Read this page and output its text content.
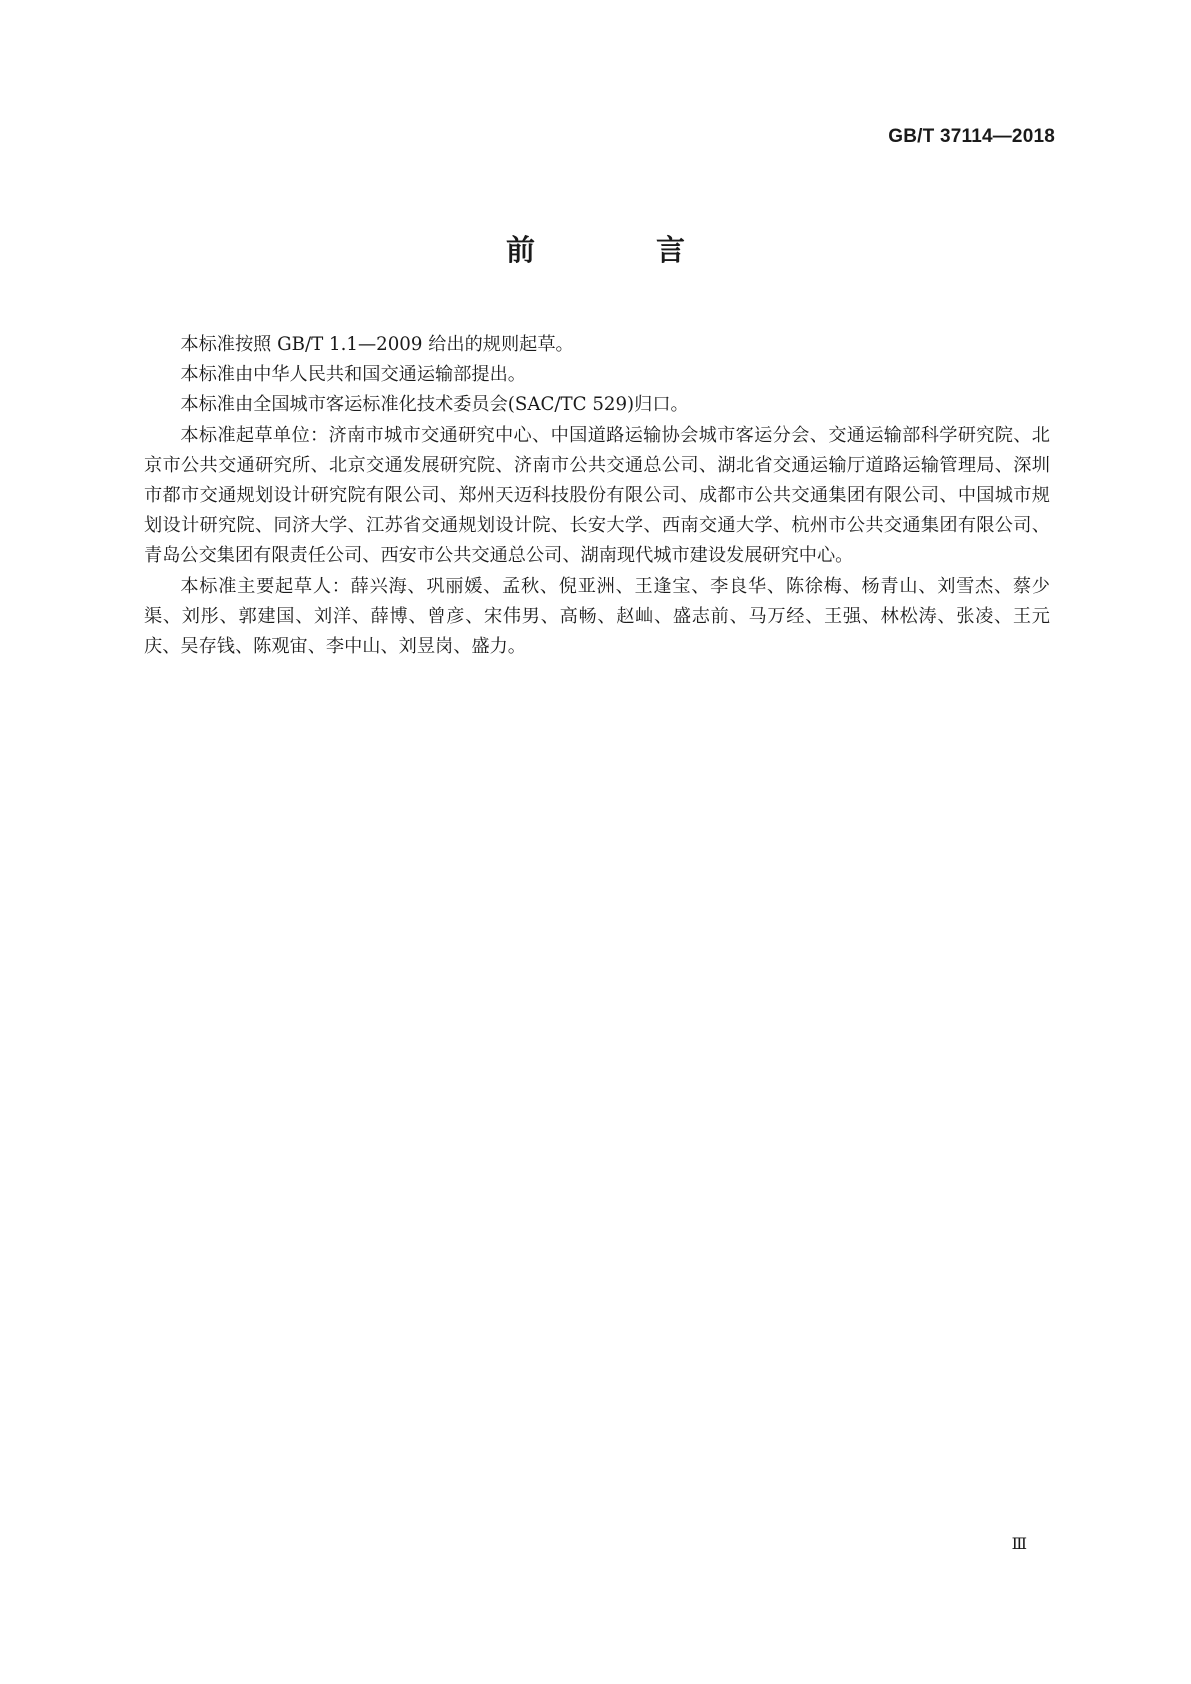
GB/T 37114—2018
前　言

本标准按照 GB/T 1.1—2009 给出的规则起草。

本标准由中华人民共和国交通运输部提出。

本标准由全国城市客运标准化技术委员会(SAC/TC 529)归口。

本标准起草单位：济南市城市交通研究中心、中国道路运输协会城市客运分会、交通运输部科学研究院、北京市公共交通研究所、北京交通发展研究院、济南市公共交通总公司、湖北省交通运输厅道路运输管理局、深圳市都市交通规划设计研究院有限公司、郑州天迈科技股份有限公司、成都市公共交通集团有限公司、中国城市规划设计研究院、同济大学、江苏省交通规划设计院、长安大学、西南交通大学、杭州市公共交通集团有限公司、青岛公交集团有限责任公司、西安市公共交通总公司、湖南现代城市建设发展研究中心。

本标准主要起草人：薛兴海、巩丽媛、孟秋、倪亚洲、王逢宝、李良华、陈徐梅、杨青山、刘雪杰、蔡少渠、刘彤、郭建国、刘洋、薛博、曾彦、宋伟男、高畅、赵屾、盛志前、马万经、王强、林松涛、张凌、王元庆、吴存钱、陈观宙、李中山、刘昱岗、盛力。

Ⅲ
